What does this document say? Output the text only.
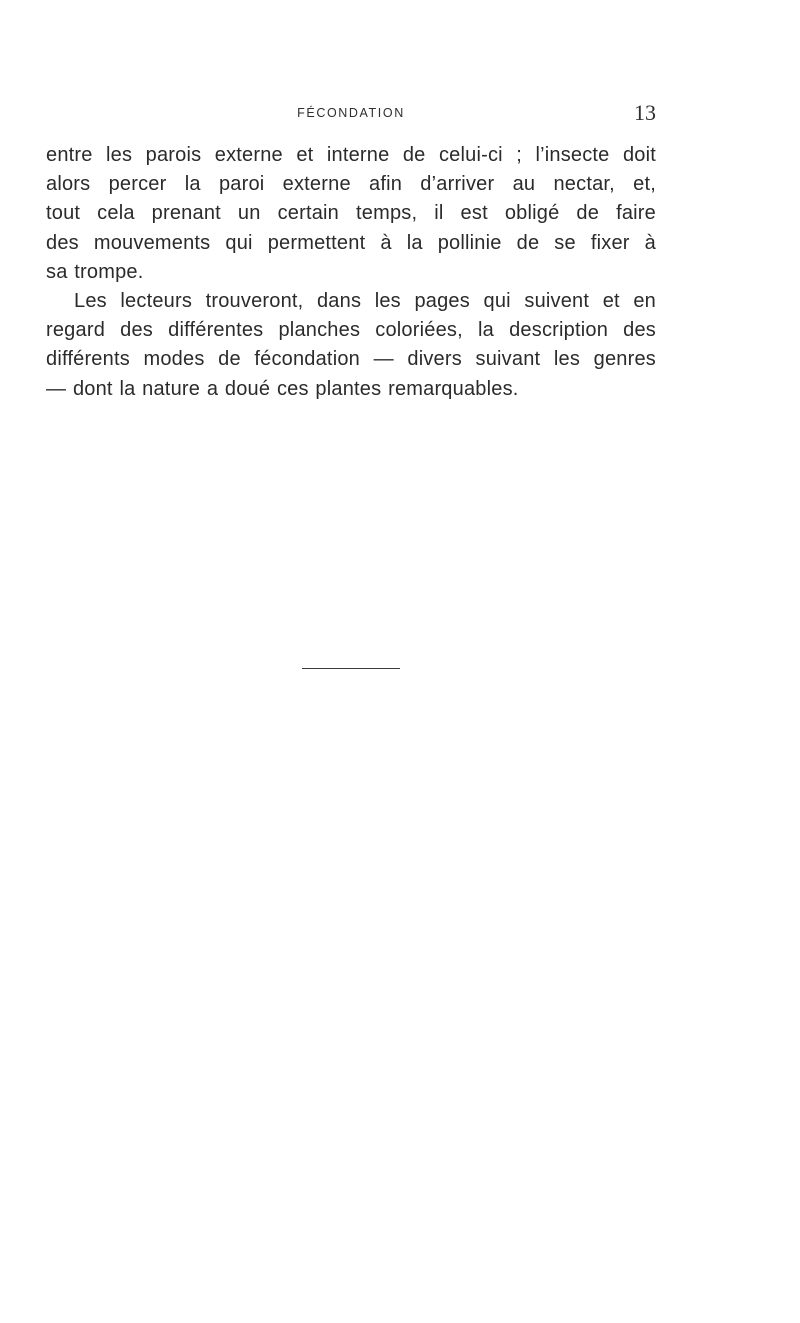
FÉCONDATION	13
entre les parois externe et interne de celui-ci ; l’insecte doit
alors percer la paroi externe afin d’arriver au nectar, et,
tout cela prenant un certain temps, il est obligé de faire
des mouvements qui permettent à la pollinie de se fixer à
sa trompe.
Les lecteurs trouveront, dans les pages qui suivent et en
regard des différentes planches coloriées, la description des
différents modes de fécondation — divers suivant les genres
— dont la nature a doué ces plantes remarquables.
